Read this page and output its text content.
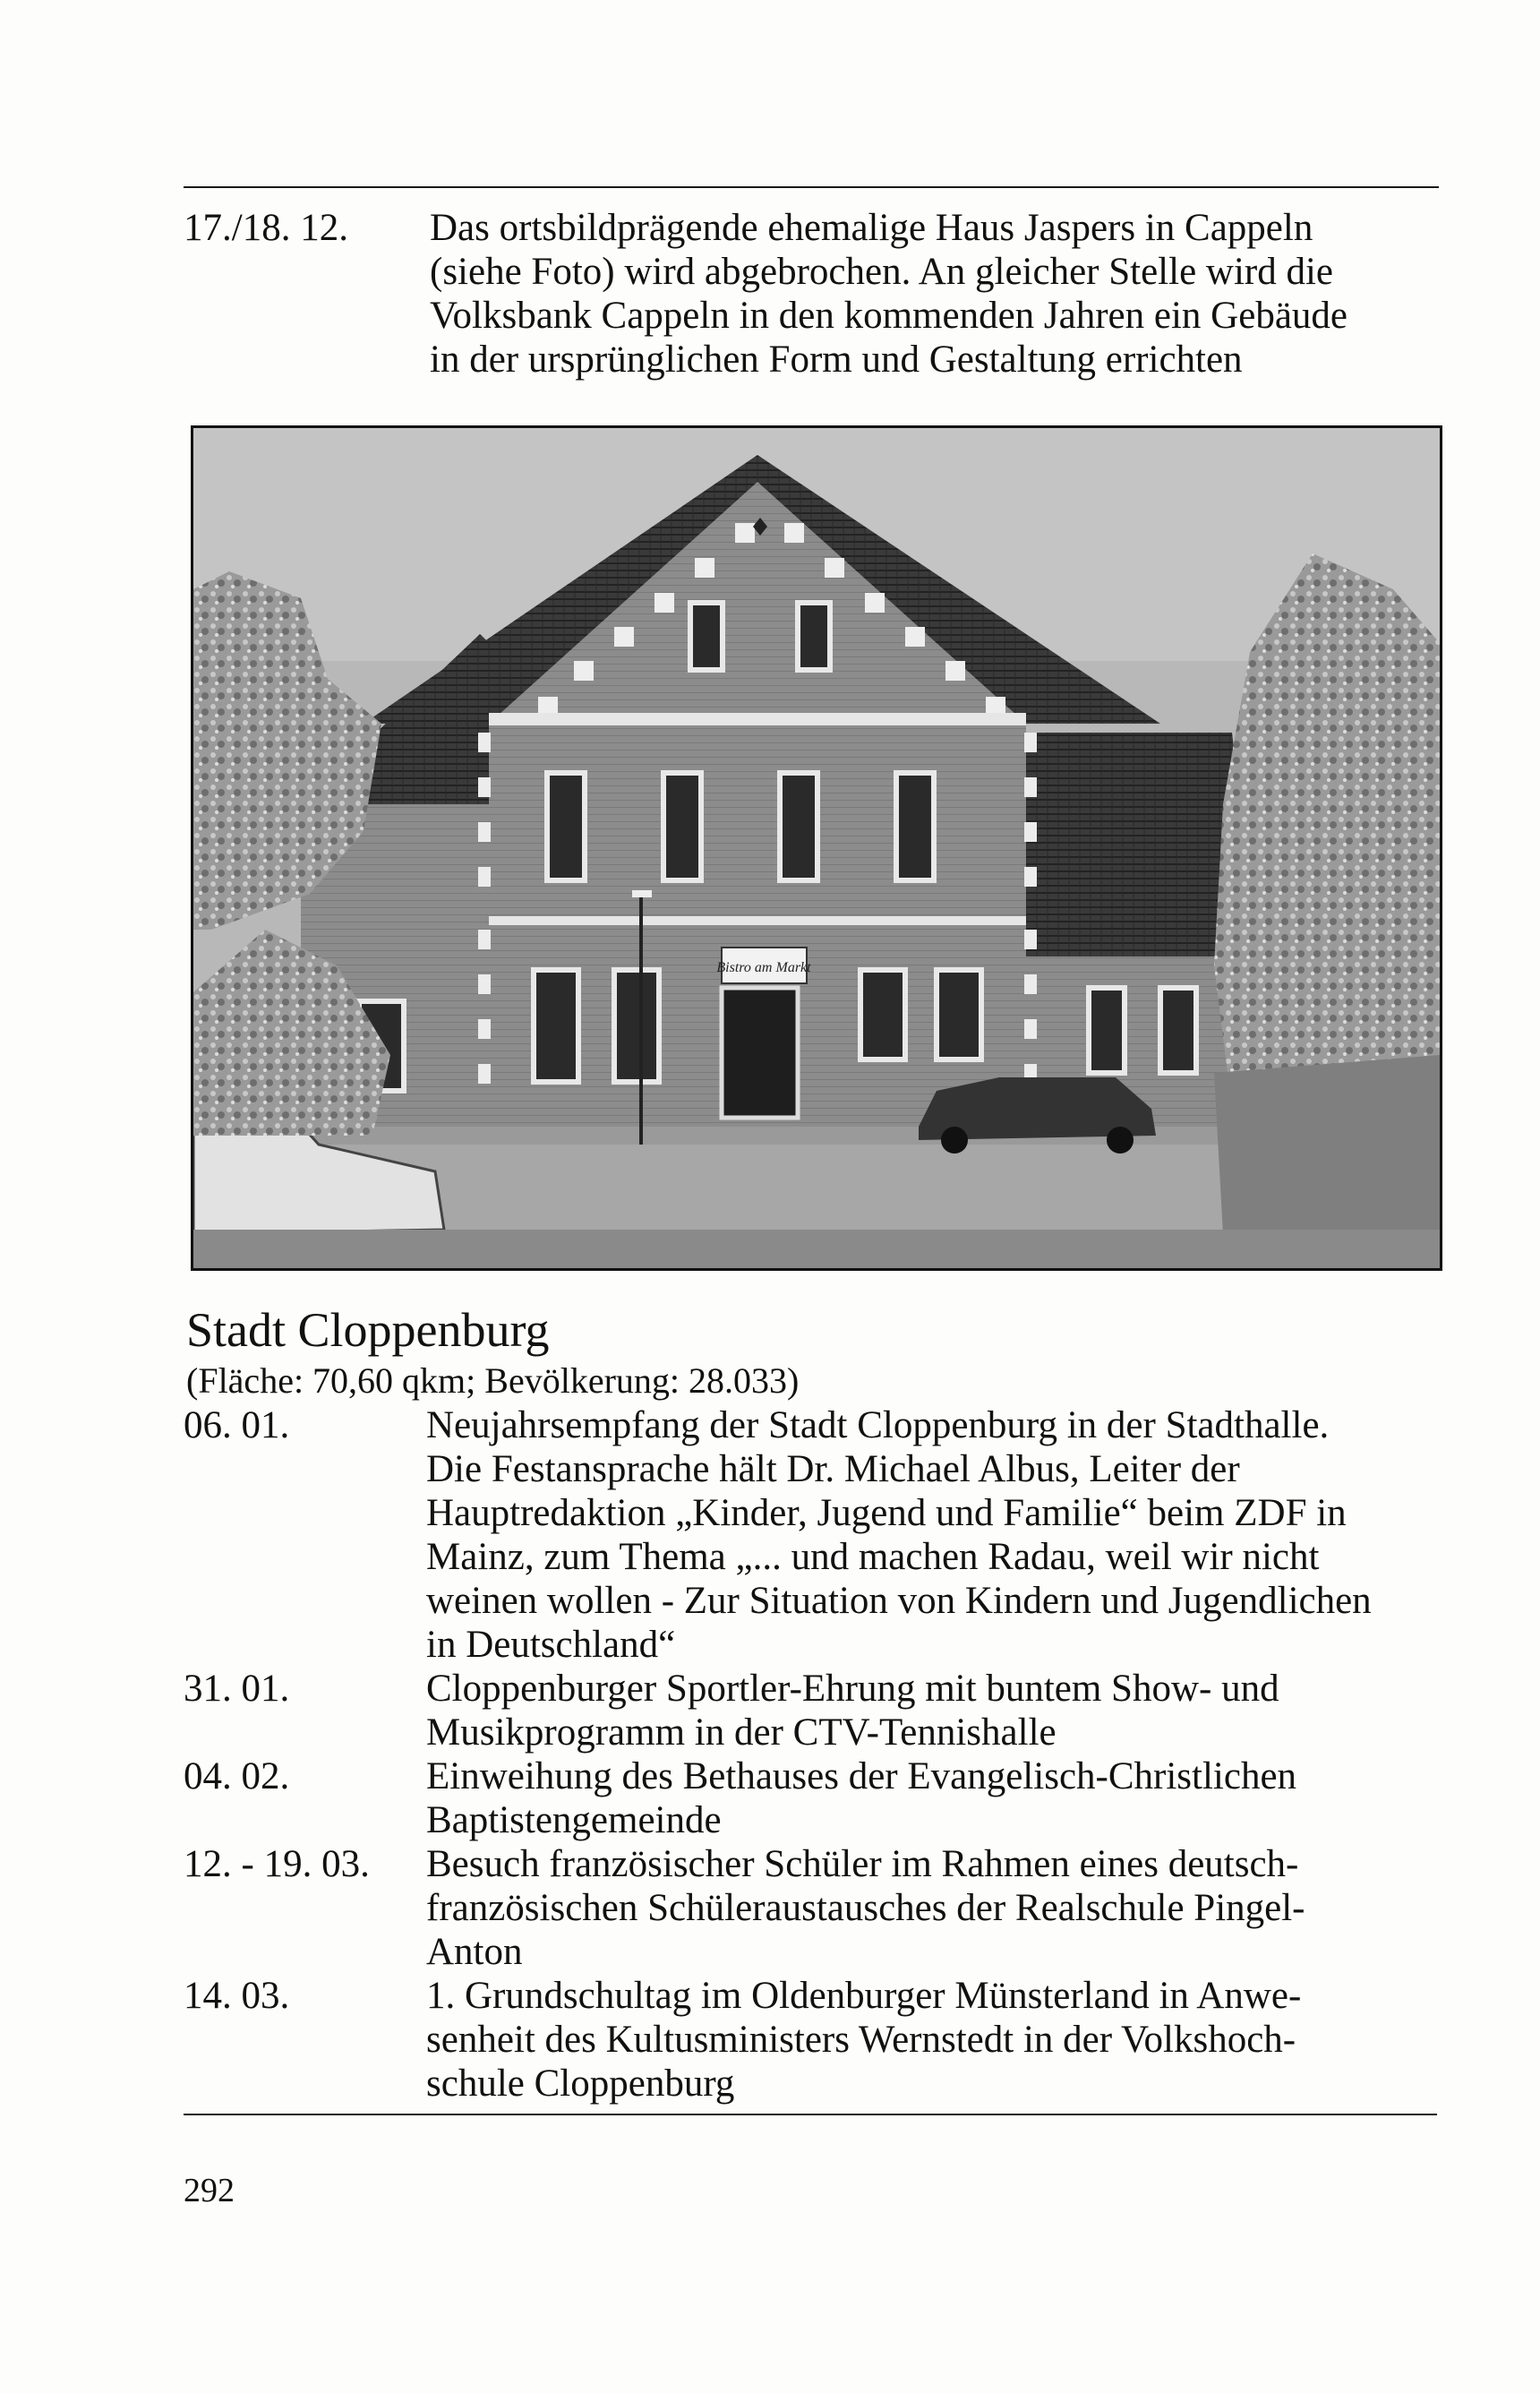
17./18. 12. Das ortsbildprägende ehemalige Haus Jaspers in Cappeln
(siehe Foto) wird abgebrochen. An gleicher Stelle wird die
Volksbank Cappeln in den kommenden Jahren ein Gebäude
in der ursprünglichen Form und Gestaltung errichten
Bistro am Markt
Stadt Cloppenburg
(Fläche: 70,60 qkm; Bevölkerung: 28.033)
06. 01.	Neujahrsempfang der Stadt Cloppenburg in der Stadthalle.
Die Festansprache hält Dr. Michael Albus, Leiter der
Hauptredaktion „Kinder, Jugend und Familie“ beim ZDF in
Mainz, zum Thema „... und machen Radau, weil wir nicht
weinen wollen - Zur Situation von Kindern und Jugendlichen
in Deutschland“
31. 01.	Cloppenburger Sportler-Ehrung mit buntem Show- und
Musikprogramm in der CTV-Tennishalle
04. 02.	Einweihung des Bethauses der Evangelisch-Christlichen
Baptistengemeinde
12. - 19. 03. Besuch französischer Schüler im Rahmen eines deutsch-
französischen Schüleraustausches der Realschule Pingel-
Anton
14. 03.	1. Grundschultag im Oldenburger Münsterland in Anwe-
senheit des Kultusministers Wernstedt in der Volkshoch-
schule Cloppenburg
292
